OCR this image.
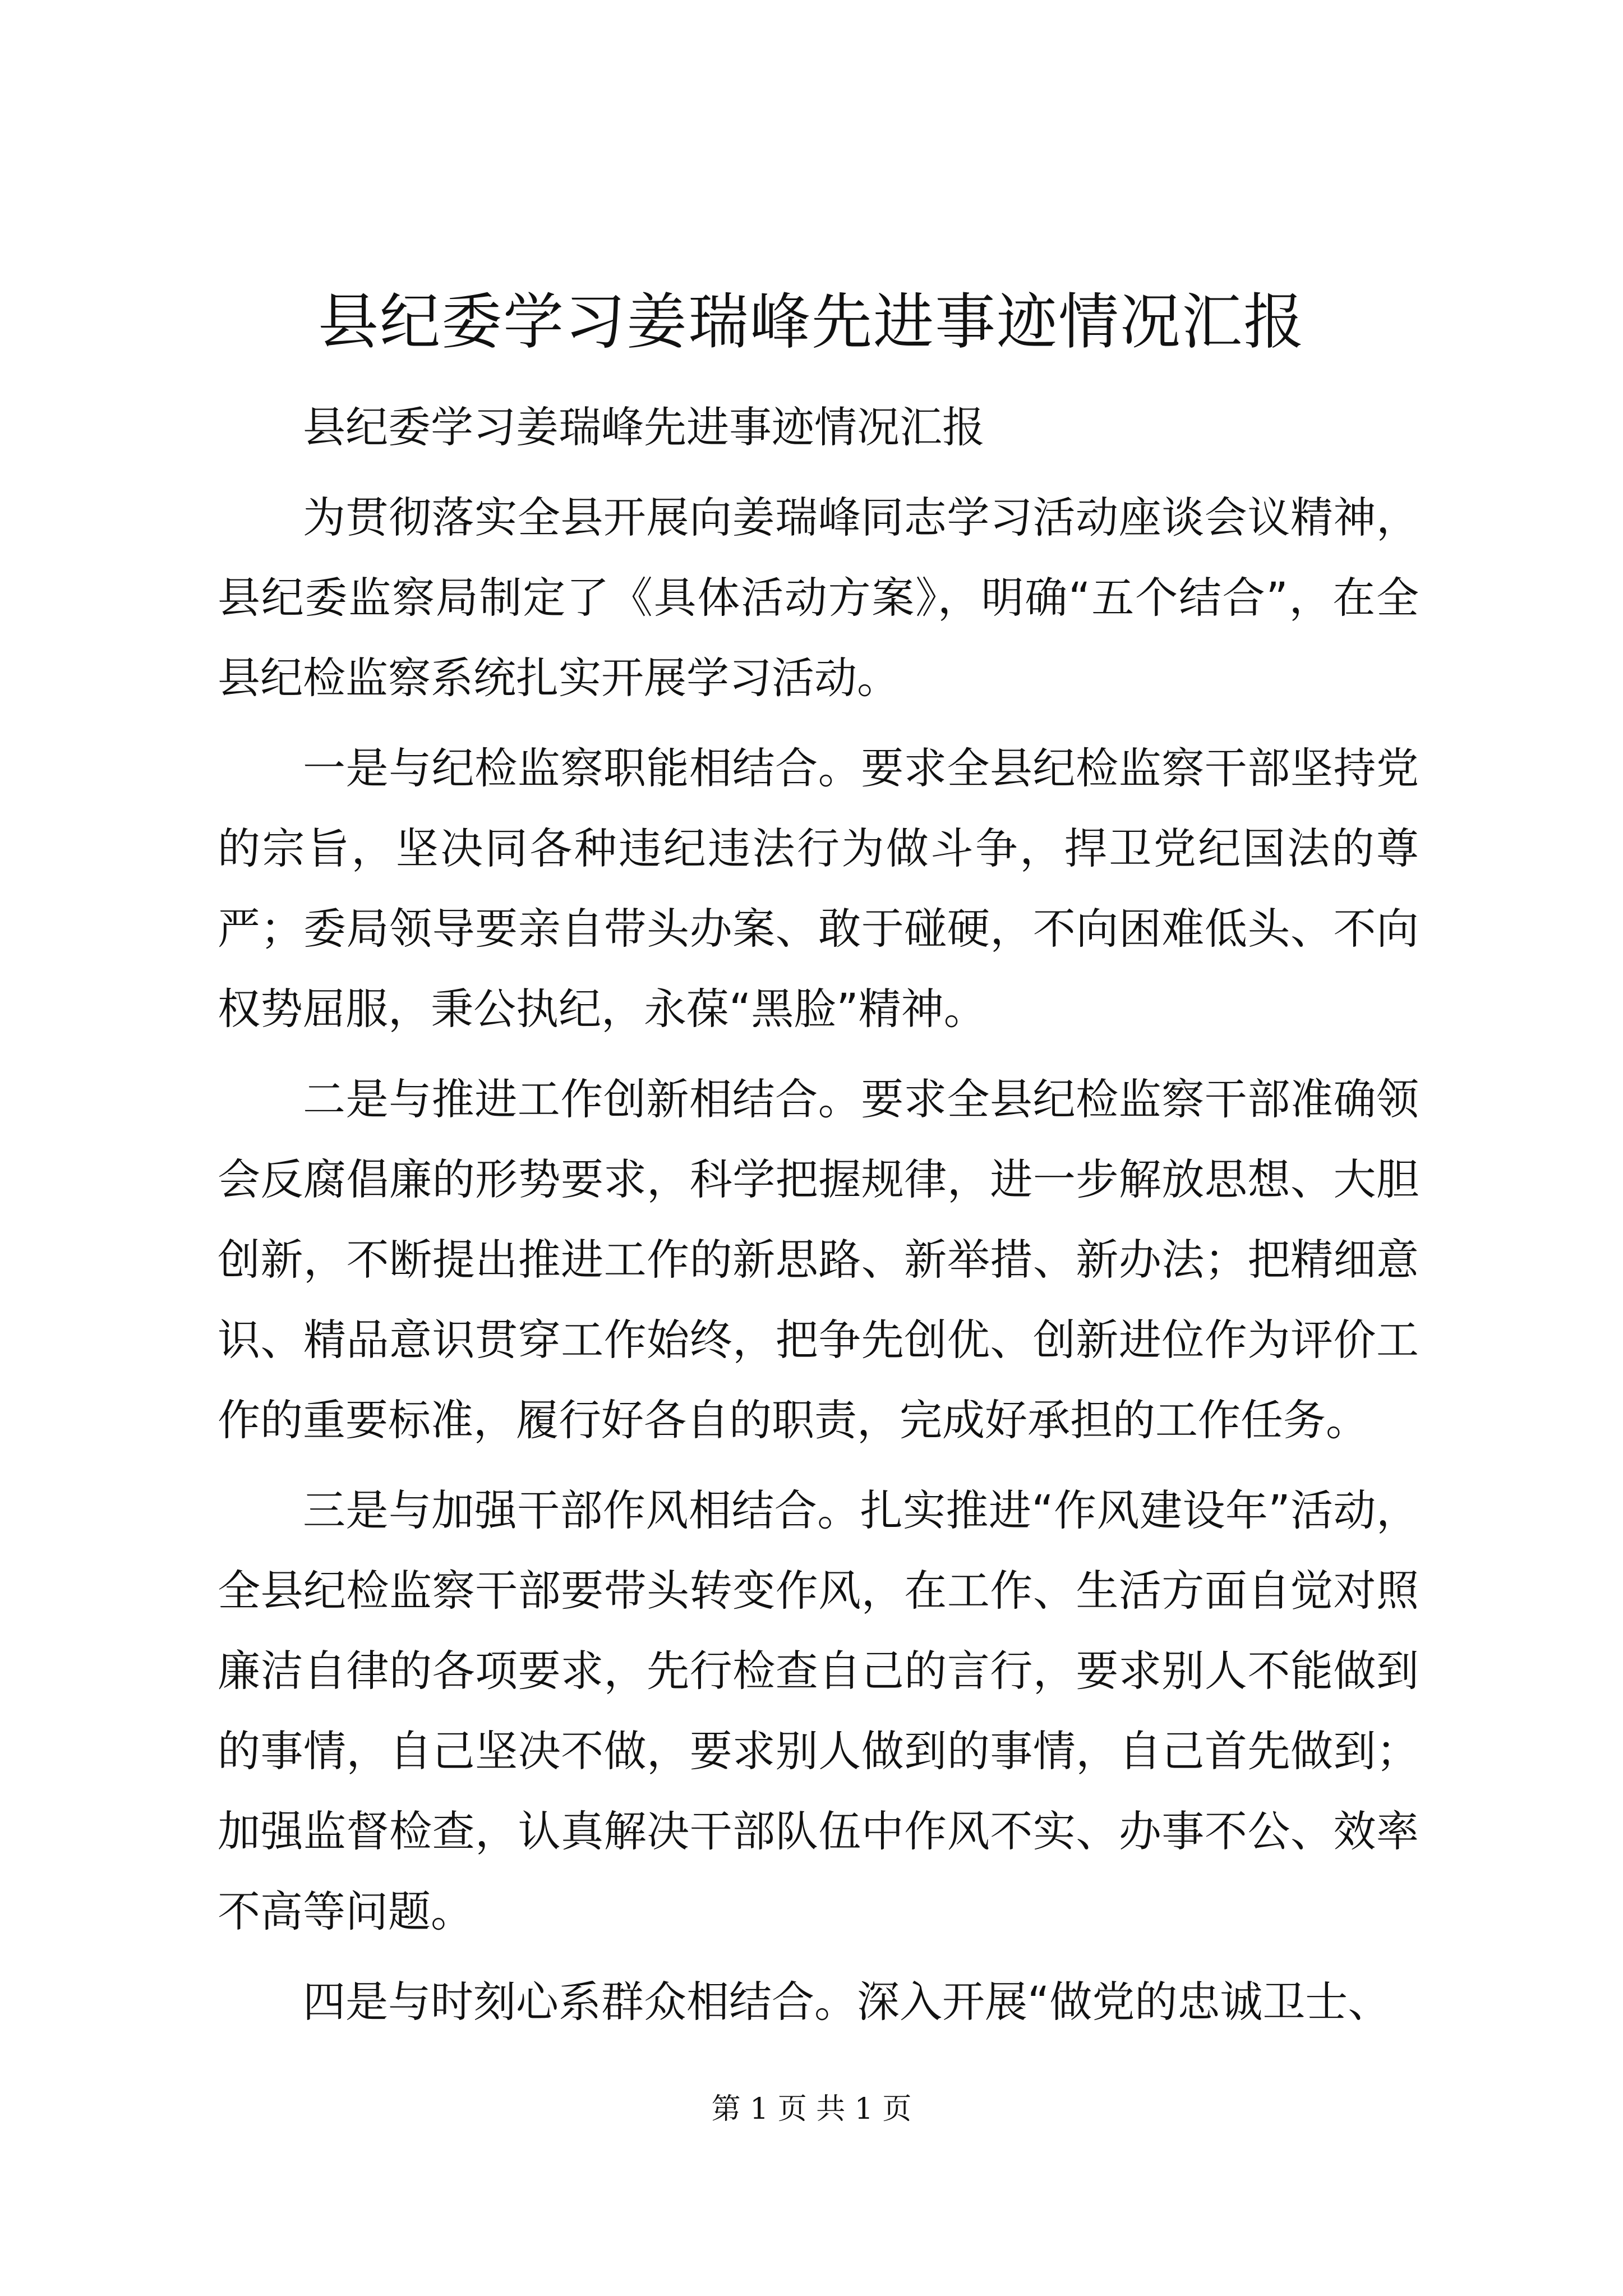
县纪委学习姜瑞峰先进事迹情况汇报

县纪委学习姜瑞峰先进事迹情况汇报

为贯彻落实全县开展向姜瑞峰同志学习活动座谈会议精神，县纪委监察局制定了《具体活动方案》，明确“五个结合”，在全县纪检监察系统扎实开展学习活动。

一是与纪检监察职能相结合。要求全县纪检监察干部坚持党的宗旨，坚决同各种违纪违法行为做斗争，捍卫党纪国法的尊严；委局领导要亲自带头办案、敢于碰硬，不向困难低头、不向权势屈服，秉公执纪，永葆“黑脸”精神。

二是与推进工作创新相结合。要求全县纪检监察干部准确领会反腐倡廉的形势要求，科学把握规律，进一步解放思想、大胆创新，不断提出推进工作的新思路、新举措、新办法；把精细意识、精品意识贯穿工作始终，把争先创优、创新进位作为评价工作的重要标准，履行好各自的职责，完成好承担的工作任务。

三是与加强干部作风相结合。扎实推进“作风建设年”活动，全县纪检监察干部要带头转变作风，在工作、生活方面自觉对照廉洁自律的各项要求，先行检查自己的言行，要求别人不能做到的事情，自己坚决不做，要求别人做到的事情，自己首先做到；加强监督检查，认真解决干部队伍中作风不实、办事不公、效率不高等问题。

四是与时刻心系群众相结合。深入开展“做党的忠诚卫士、

第 1 页 共 1 页
